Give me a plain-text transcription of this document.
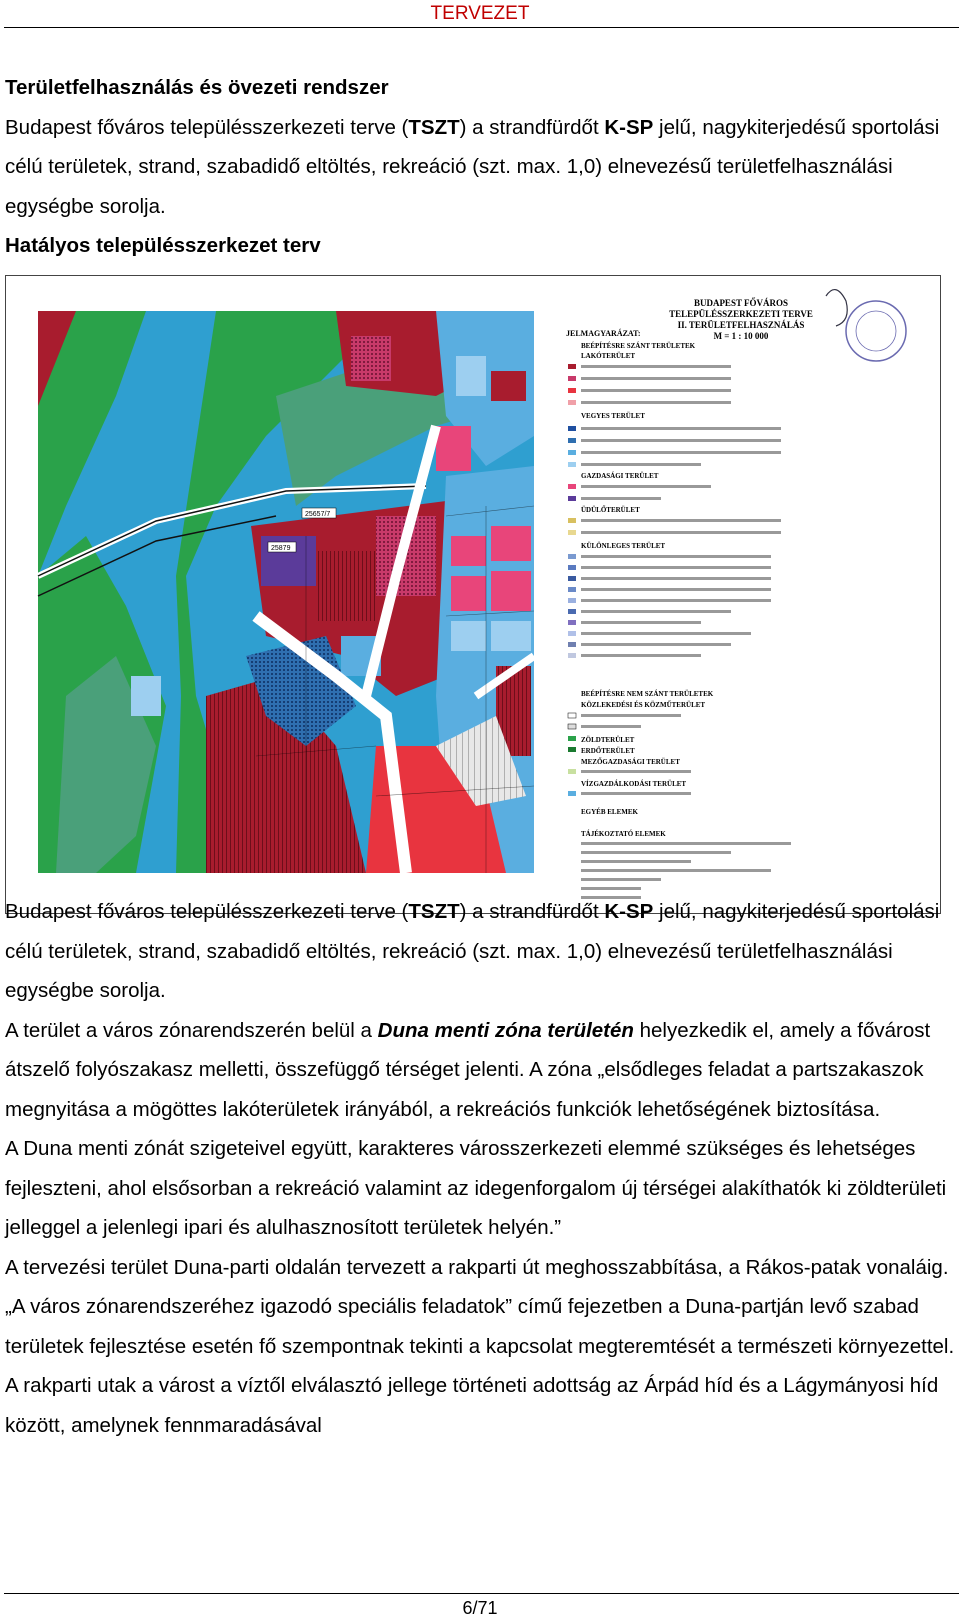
TERVEZET

Területfelhasználás és övezeti rendszer

Budapest főváros településszerkezeti terve (TSZT) a strandfürdőt K-SP jelű, nagykiterjedésű sportolási célú területek, strand, szabadidő eltöltés, rekreáció (szt. max. 1,0) elnevezésű területfelhasználási egységbe sorolja.

Hatályos településszerkezet terv

25657/7
25879
BUDAPEST FŐVÁROS
TELEPÜLÉSSZERKEZETI TERVE
II. TERÜLETFELHASZNÁLÁS
M = 1 : 10 000
JELMAGYARÁZAT:
BEÉPÍTÉSRE SZÁNT TERÜLETEK
LAKÓTERÜLET
VEGYES TERÜLET
GAZDASÁGI TERÜLET
ÜDÜLŐTERÜLET
KÜLÖNLEGES TERÜLET
BEÉPÍTÉSRE NEM SZÁNT TERÜLETEK
KÖZLEKEDÉSI ÉS KÖZMŰTERÜLET
ZÖLDTERÜLET
ERDŐTERÜLET
MEZŐGAZDASÁGI TERÜLET
VÍZGAZDÁLKODÁSI TERÜLET
EGYÉB ELEMEK
TÁJÉKOZTATÓ ELEMEK

Budapest főváros településszerkezeti terve (TSZT) a strandfürdőt K-SP jelű, nagykiterjedésű sportolási célú területek, strand, szabadidő eltöltés, rekreáció (szt. max. 1,0) elnevezésű területfelhasználási egységbe sorolja.

A terület a város zónarendszerén belül a Duna menti zóna területén helyezkedik el, amely a fővárost átszelő folyószakasz melletti, összefüggő térséget jelenti. A zóna „elsődleges feladat a partszakaszok megnyitása a mögöttes lakóterületek irányából, a rekreációs funkciók lehetőségének biztosítása.

A Duna menti zónát szigeteivel együtt, karakteres városszerkezeti elemmé szükséges és lehetséges fejleszteni, ahol elsősorban a rekreáció valamint az idegenforgalom új térségei alakíthatók ki zöldterületi jelleggel a jelenlegi ipari és alulhasznosított területek helyén.”

A tervezési terület Duna-parti oldalán tervezett a rakparti út meghosszabbítása, a Rákos-patak vonaláig.„A város zónarendszeréhez igazodó speciális feladatok” című fejezetben a Duna-partján levő szabad területek fejlesztése esetén fő szempontnak tekinti a kapcsolat megteremtését a természeti környezettel. A rakparti utak a várost a víztől elválasztó jellege történeti adottság az Árpád híd és a Lágymányosi híd között, amelynek fennmaradásával

6/71
